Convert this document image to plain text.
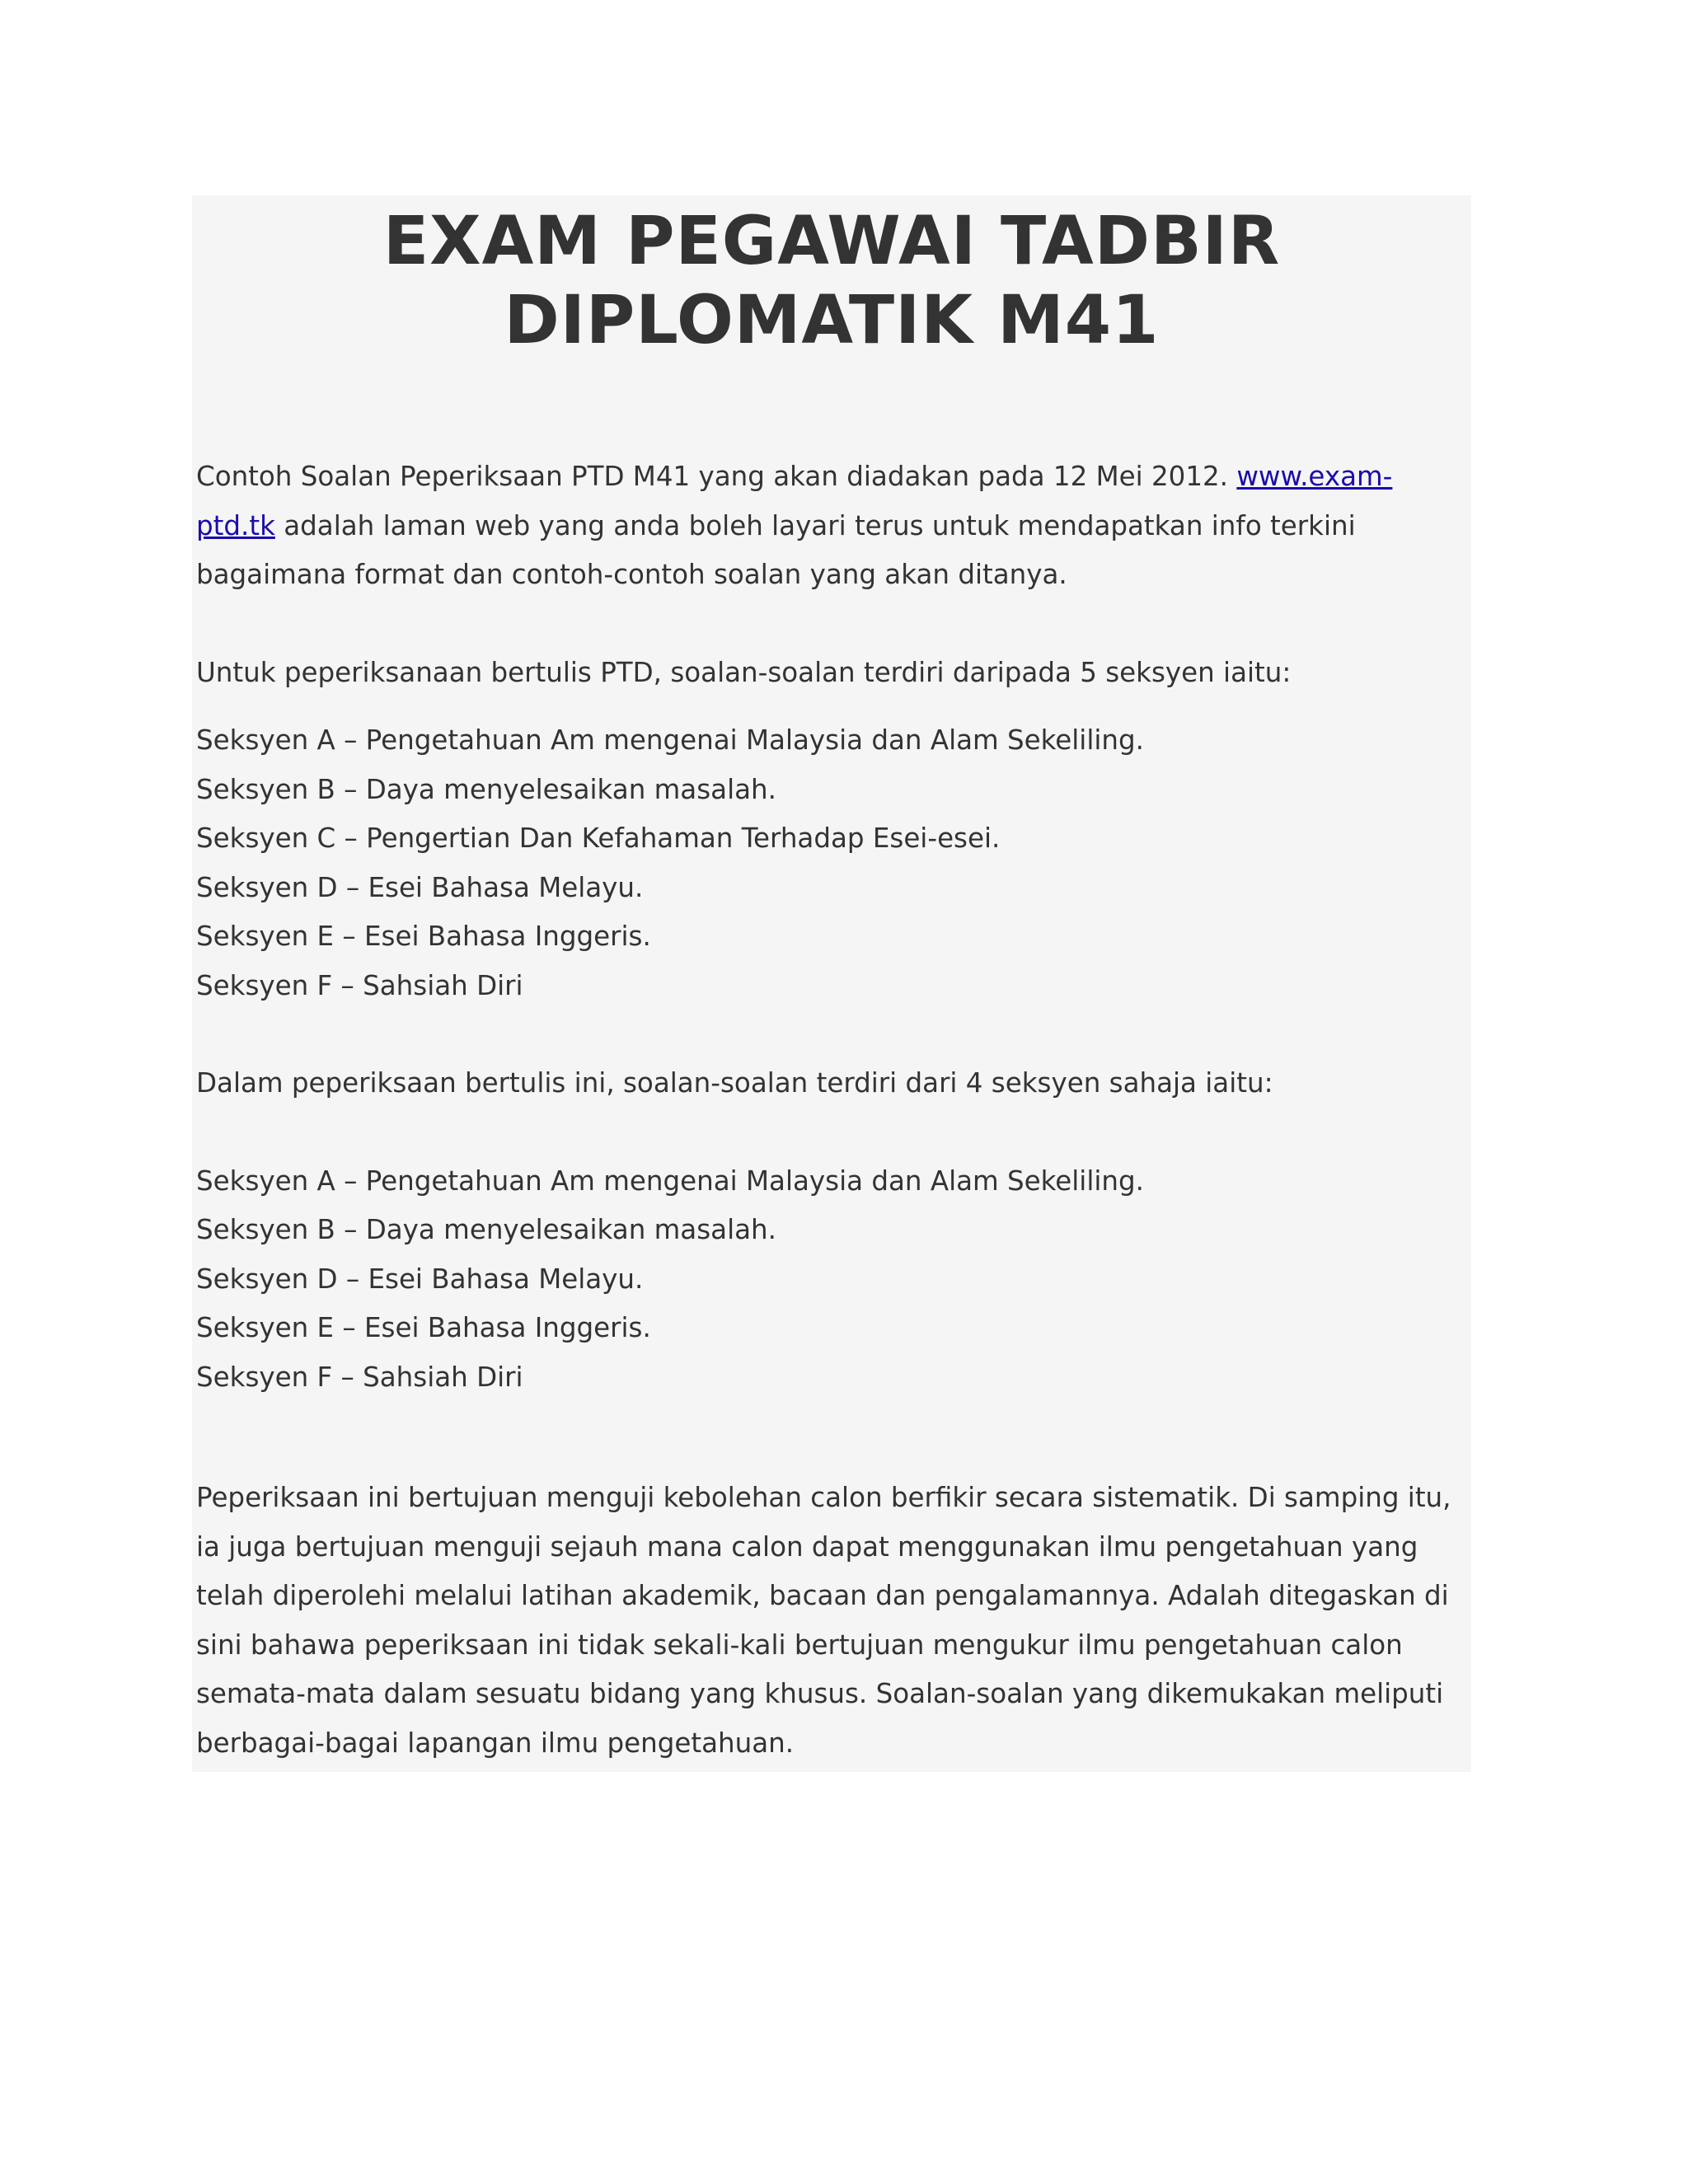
EXAM PEGAWAI TADBIR
DIPLOMATIK M41

Contoh Soalan Peperiksaan PTD M41 yang akan diadakan pada 12 Mei 2012. www.exam-ptd.tk adalah laman web yang anda boleh layari terus untuk mendapatkan info terkini bagaimana format dan contoh-contoh soalan yang akan ditanya.

Untuk peperiksanaan bertulis PTD, soalan-soalan terdiri daripada 5 seksyen iaitu:

Seksyen A – Pengetahuan Am mengenai Malaysia dan Alam Sekeliling.
Seksyen B – Daya menyelesaikan masalah.
Seksyen C – Pengertian Dan Kefahaman Terhadap Esei-esei.
Seksyen D – Esei Bahasa Melayu.
Seksyen E – Esei Bahasa Inggeris.
Seksyen F – Sahsiah Diri

Dalam peperiksaan bertulis ini, soalan-soalan terdiri dari 4 seksyen sahaja iaitu:

Seksyen A – Pengetahuan Am mengenai Malaysia dan Alam Sekeliling.
Seksyen B – Daya menyelesaikan masalah.
Seksyen D – Esei Bahasa Melayu.
Seksyen E – Esei Bahasa Inggeris.
Seksyen F – Sahsiah Diri

Peperiksaan ini bertujuan menguji kebolehan calon berfikir secara sistematik. Di samping itu, ia juga bertujuan menguji sejauh mana calon dapat menggunakan ilmu pengetahuan yang telah diperolehi melalui latihan akademik, bacaan dan pengalamannya. Adalah ditegaskan di sini bahawa peperiksaan ini tidak sekali-kali bertujuan mengukur ilmu pengetahuan calon semata-mata dalam sesuatu bidang yang khusus. Soalan-soalan yang dikemukakan meliputi berbagai-bagai lapangan ilmu pengetahuan.
